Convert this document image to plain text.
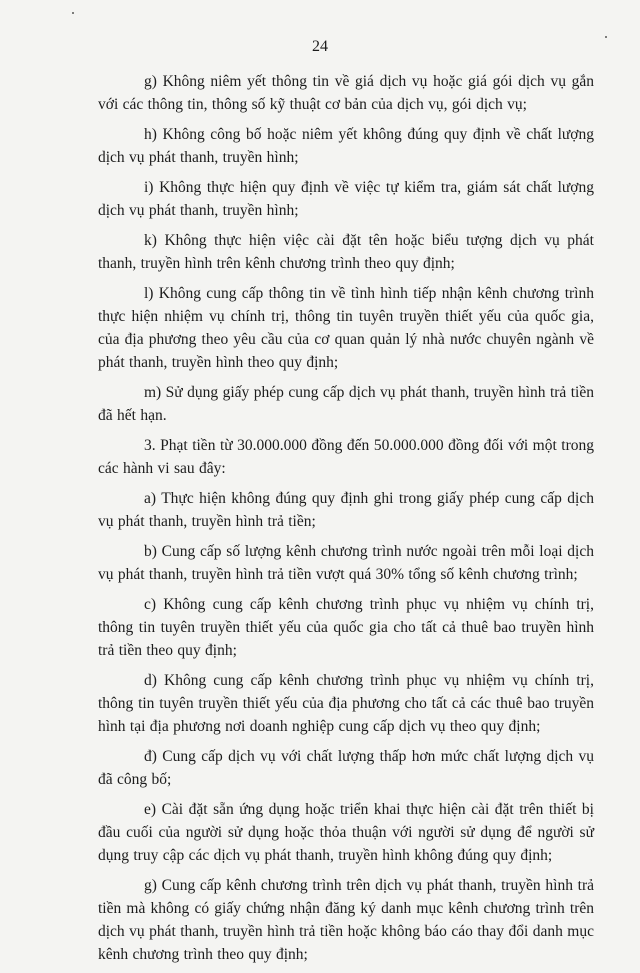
24

g) Không niêm yết thông tin về giá dịch vụ hoặc giá gói dịch vụ gắn với các thông tin, thông số kỹ thuật cơ bản của dịch vụ, gói dịch vụ;

h) Không công bố hoặc niêm yết không đúng quy định về chất lượng dịch vụ phát thanh, truyền hình;

i) Không thực hiện quy định về việc tự kiểm tra, giám sát chất lượng dịch vụ phát thanh, truyền hình;

k) Không thực hiện việc cài đặt tên hoặc biểu tượng dịch vụ phát thanh, truyền hình trên kênh chương trình theo quy định;

l) Không cung cấp thông tin về tình hình tiếp nhận kênh chương trình thực hiện nhiệm vụ chính trị, thông tin tuyên truyền thiết yếu của quốc gia, của địa phương theo yêu cầu của cơ quan quản lý nhà nước chuyên ngành về phát thanh, truyền hình theo quy định;

m) Sử dụng giấy phép cung cấp dịch vụ phát thanh, truyền hình trả tiền đã hết hạn.

3. Phạt tiền từ 30.000.000 đồng đến 50.000.000 đồng đối với một trong các hành vi sau đây:

a) Thực hiện không đúng quy định ghi trong giấy phép cung cấp dịch vụ phát thanh, truyền hình trả tiền;

b) Cung cấp số lượng kênh chương trình nước ngoài trên mỗi loại dịch vụ phát thanh, truyền hình trả tiền vượt quá 30% tổng số kênh chương trình;

c) Không cung cấp kênh chương trình phục vụ nhiệm vụ chính trị, thông tin tuyên truyền thiết yếu của quốc gia cho tất cả thuê bao truyền hình trả tiền theo quy định;

d) Không cung cấp kênh chương trình phục vụ nhiệm vụ chính trị, thông tin tuyên truyền thiết yếu của địa phương cho tất cả các thuê bao truyền hình tại địa phương nơi doanh nghiệp cung cấp dịch vụ theo quy định;

đ) Cung cấp dịch vụ với chất lượng thấp hơn mức chất lượng dịch vụ đã công bố;

e) Cài đặt sẵn ứng dụng hoặc triển khai thực hiện cài đặt trên thiết bị đầu cuối của người sử dụng hoặc thỏa thuận với người sử dụng để người sử dụng truy cập các dịch vụ phát thanh, truyền hình không đúng quy định;

g) Cung cấp kênh chương trình trên dịch vụ phát thanh, truyền hình trả tiền mà không có giấy chứng nhận đăng ký danh mục kênh chương trình trên dịch vụ phát thanh, truyền hình trả tiền hoặc không báo cáo thay đổi danh mục kênh chương trình theo quy định;
